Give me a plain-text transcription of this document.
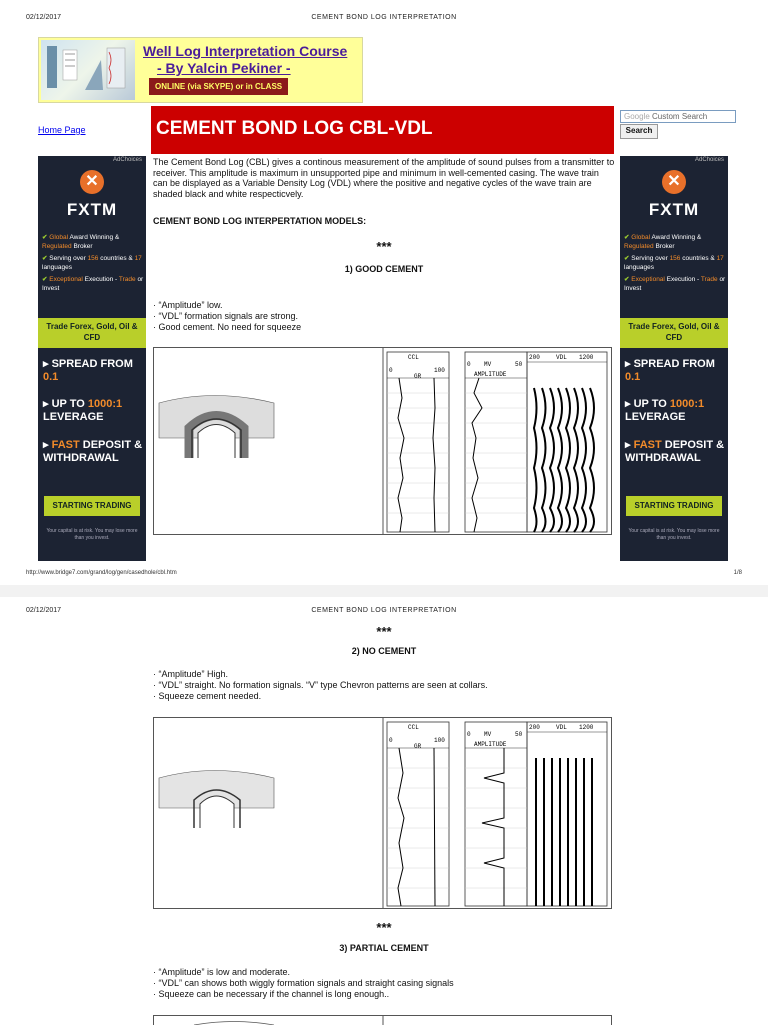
02/12/2017	CEMENT BOND LOG INTERPRETATION
Well Log Interpretation Course
- By Yalcin Pekiner -
ONLINE (via SKYPE) or in CLASS
Home Page	CEMENT BOND LOG CBL-VDL
Google Custom Search
Search
AdChoices
✕
FXTM
✔ Global Award Winning & Regulated Broker
✔ Serving over 156 countries & 17 languages
✔ Exceptional Execution - Trade or Invest
Trade Forex, Gold, Oil & CFD
▸ SPREAD FROM 0.1
▸ UP TO 1000:1 LEVERAGE
▸ FAST DEPOSIT & WITHDRAWAL
STARTING TRADING
Your capital is at risk. You may lose more than you invest.
AdChoices
✕
FXTM
✔ Global Award Winning & Regulated Broker
✔ Serving over 156 countries & 17 languages
✔ Exceptional Execution - Trade or Invest
Trade Forex, Gold, Oil & CFD
▸ SPREAD FROM 0.1
▸ UP TO 1000:1 LEVERAGE
▸ FAST DEPOSIT & WITHDRAWAL
STARTING TRADING
Your capital is at risk. You may lose more than you invest.
The Cement Bond Log (CBL) gives a continous measurement of the amplitude of sound pulses from a transmitter to receiver. This amplitude is maximum in unsupported pipe and minimum in well-cemented casing. The wave train can be displayed as a Variable Density Log (VDL) where the positive and negative cycles of the wave train are shaded black and white respecticvely.
CEMENT BOND LOG INTERPERTATION MODELS:
***
1) GOOD CEMENT
· “Amplitude” low.
· “VDL” formation signals are strong.
· Good cement. No need for squeeze
CCL
0	100
GR
0 MV	50
AMPLITUDE
200	VDL 1200
http://www.bridge7.com/grand/log/gen/casedhole/cbl.htm	1/8
02/12/2017	CEMENT BOND LOG INTERPRETATION
***
2) NO CEMENT
· “Amplitude” High.
· “VDL” straight. No formation signals. “V” type Chevron patterns are seen at collars.
· Squeeze cement needed.
CCL
0	100
GR
0 MV	50
AMPLITUDE
200	VDL 1200
***
3) PARTIAL CEMENT
· “Amplitude” is low and moderate.
· “VDL” can shows both wiggly formation signals and straight casing signals
· Squeeze can be necessary if the channel is long enough..
